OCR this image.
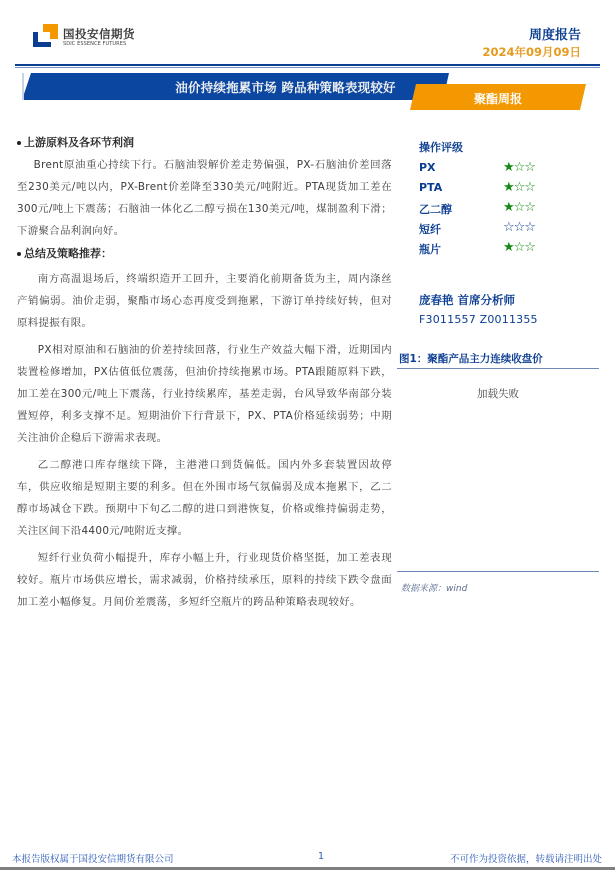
国投安信期货
SDIC ESSENCE FUTURES
周度报告
2024年09月09日
油价持续拖累市场 跨品种策略表现较好
聚酯周报
上游原料及各环节利润

Brent原油重心持续下行。石脑油裂解价差走势偏强，PX-石脑油价差回落至230美元/吨以内，PX-Brent价差降至330美元/吨附近。PTA现货加工差在300元/吨上下震荡；石脑油一体化乙二醇亏损在130美元/吨，煤制盈利下滑；下游聚合品利润向好。

总结及策略推荐：

南方高温退场后，终端织造开工回升，主要消化前期备货为主，周内涤丝产销偏弱。油价走弱，聚酯市场心态再度受到拖累，下游订单持续好转，但对原料提振有限。

PX相对原油和石脑油的价差持续回落，行业生产效益大幅下滑，近期国内装置检修增加，PX估值低位震荡，但油价持续拖累市场。PTA跟随原料下跌，加工差在300元/吨上下震荡，行业持续累库，基差走弱，台风导致华南部分装置短停，利多支撑不足。短期油价下行背景下，PX、PTA价格延续弱势；中期关注油价企稳后下游需求表现。

乙二醇港口库存继续下降，主港港口到货偏低。国内外多套装置因故停车，供应收缩是短期主要的利多。但在外围市场气氛偏弱及成本拖累下，乙二醇市场减仓下跌。预期中下旬乙二醇的进口到港恢复，价格或维持偏弱走势，关注区间下沿4400元/吨附近支撑。

短纤行业负荷小幅提升，库存小幅上升，行业现货价格坚挺，加工差表现较好。瓶片市场供应增长，需求减弱，价格持续承压，原料的持续下跌令盘面加工差小幅修复。月间价差震荡，多短纤空瓶片的跨品种策略表现较好。

操作评级
PX	★☆☆
PTA	★☆☆
乙二醇	★☆☆
短纤	☆☆☆
瓶片	★☆☆
庞春艳 首席分析师
F3011557 Z0011355
图1：聚酯产品主力连续收盘价
加载失败
数据来源：wind
本报告版权属于国投安信期货有限公司	1	不可作为投资依据，转载请注明出处
